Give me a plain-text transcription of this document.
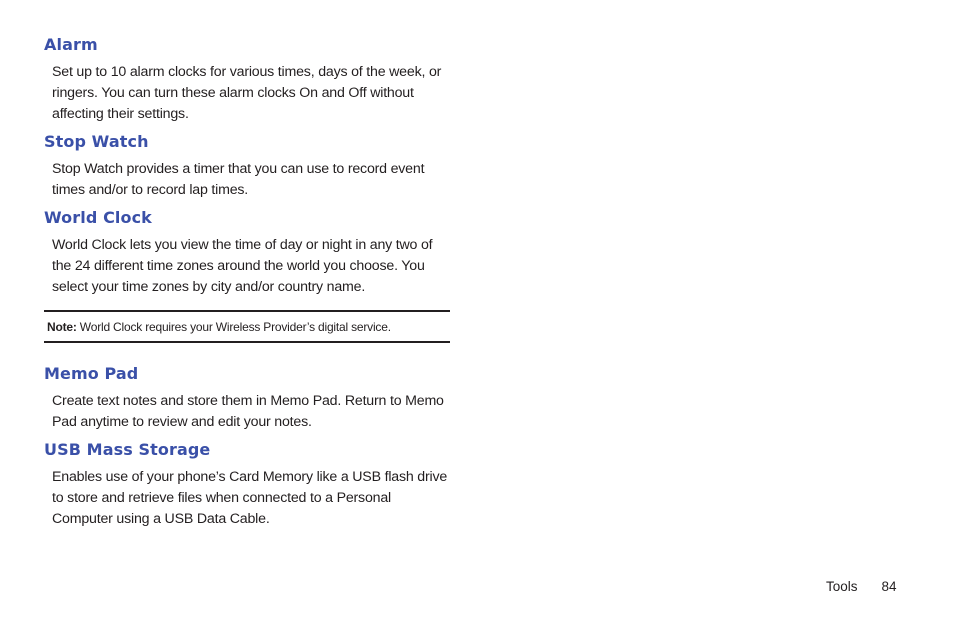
Alarm

Set up to 10 alarm clocks for various times, days of the week, or ringers. You can turn these alarm clocks On and Off without affecting their settings.

Stop Watch

Stop Watch provides a timer that you can use to record event times and/or to record lap times.

World Clock

World Clock lets you view the time of day or night in any two of the 24 different time zones around the world you choose. You select your time zones by city and/or country name.

Note: World Clock requires your Wireless Provider’s digital service.
Memo Pad

Create text notes and store them in Memo Pad. Return to Memo Pad anytime to review and edit your notes.

USB Mass Storage

Enables use of your phone’s Card Memory like a USB flash drive to store and retrieve files when connected to a Personal Computer using a USB Data Cable.

Tools 84
